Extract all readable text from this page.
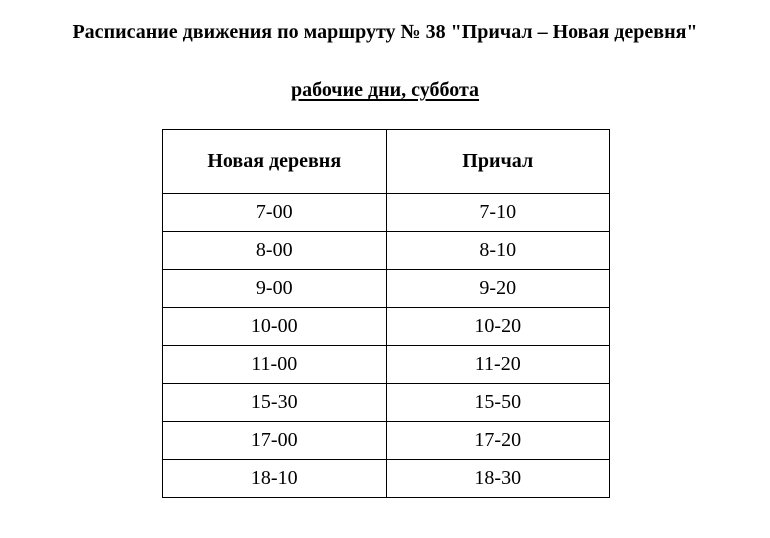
Расписание движения по маршруту № 38 "Причал – Новая деревня"
рабочие дни, суббота
Новая деревня	Причал
7-00	7-10
8-00	8-10
9-00	9-20
10-00	10-20
11-00	11-20
15-30	15-50
17-00	17-20
18-10	18-30
